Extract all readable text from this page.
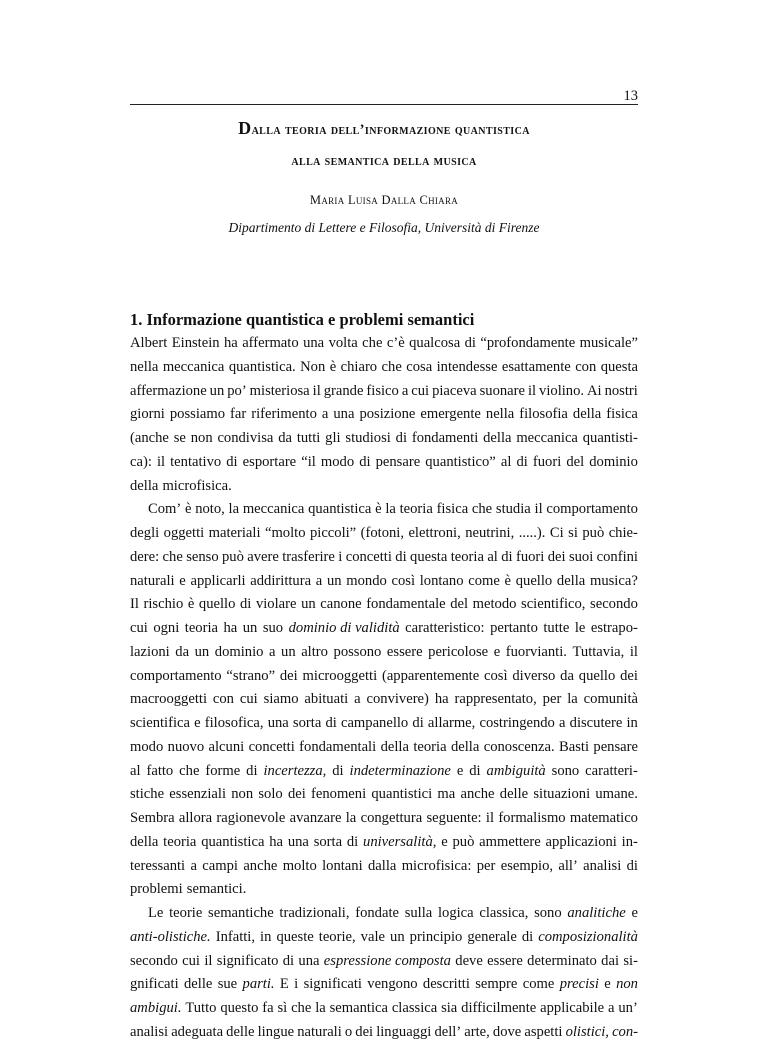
13
Dalla teoria dell’informazione quantistica
alla semantica della musica
Maria Luisa Dalla Chiara
Dipartimento di Lettere e Filosofia, Università di Firenze
1. Informazione quantistica e problemi semantici
Albert Einstein ha affermato una volta che c’è qualcosa di “profondamente musicale”
nella meccanica quantistica. Non è chiaro che cosa intendesse esattamente con questa
affermazione un po’ misteriosa il grande fisico a cui piaceva suonare il violino. Ai nostri
giorni possiamo far riferimento a una posizione emergente nella filosofia della fisica
(anche se non condivisa da tutti gli studiosi di fondamenti della meccanica quantisti-
ca): il tentativo di esportare “il modo di pensare quantistico” al di fuori del dominio
della microfisica.
Com’ è noto, la meccanica quantistica è la teoria fisica che studia il comportamento
degli oggetti materiali “molto piccoli” (fotoni, elettroni, neutrini, .....). Ci si può chie-
dere: che senso può avere trasferire i concetti di questa teoria al di fuori dei suoi confini
naturali e applicarli addirittura a un mondo così lontano come è quello della musica?
Il rischio è quello di violare un canone fondamentale del metodo scientifico, secondo
cui ogni teoria ha un suo dominio di validità caratteristico: pertanto tutte le estrapo-
lazioni da un dominio a un altro possono essere pericolose e fuorvianti. Tuttavia, il
comportamento “strano” dei microoggetti (apparentemente così diverso da quello dei
macrooggetti con cui siamo abituati a convivere) ha rappresentato, per la comunità
scientifica e filosofica, una sorta di campanello di allarme, costringendo a discutere in
modo nuovo alcuni concetti fondamentali della teoria della conoscenza. Basti pensare
al fatto che forme di incertezza, di indeterminazione e di ambiguità sono caratteri-
stiche essenziali non solo dei fenomeni quantistici ma anche delle situazioni umane.
Sembra allora ragionevole avanzare la congettura seguente: il formalismo matematico
della teoria quantistica ha una sorta di universalità, e può ammettere applicazioni in-
teressanti a campi anche molto lontani dalla microfisica: per esempio, all’ analisi di
problemi semantici.
Le teorie semantiche tradizionali, fondate sulla logica classica, sono analitiche e
anti-olistiche. Infatti, in queste teorie, vale un principio generale di composizionalità
secondo cui il significato di una espressione composta deve essere determinato dai si-
gnificati delle sue parti. E i significati vengono descritti sempre come precisi e non
ambigui. Tutto questo fa sì che la semantica classica sia difficilmente applicabile a un’
analisi adeguata delle lingue naturali o dei linguaggi dell’ arte, dove aspetti olistici, con-
